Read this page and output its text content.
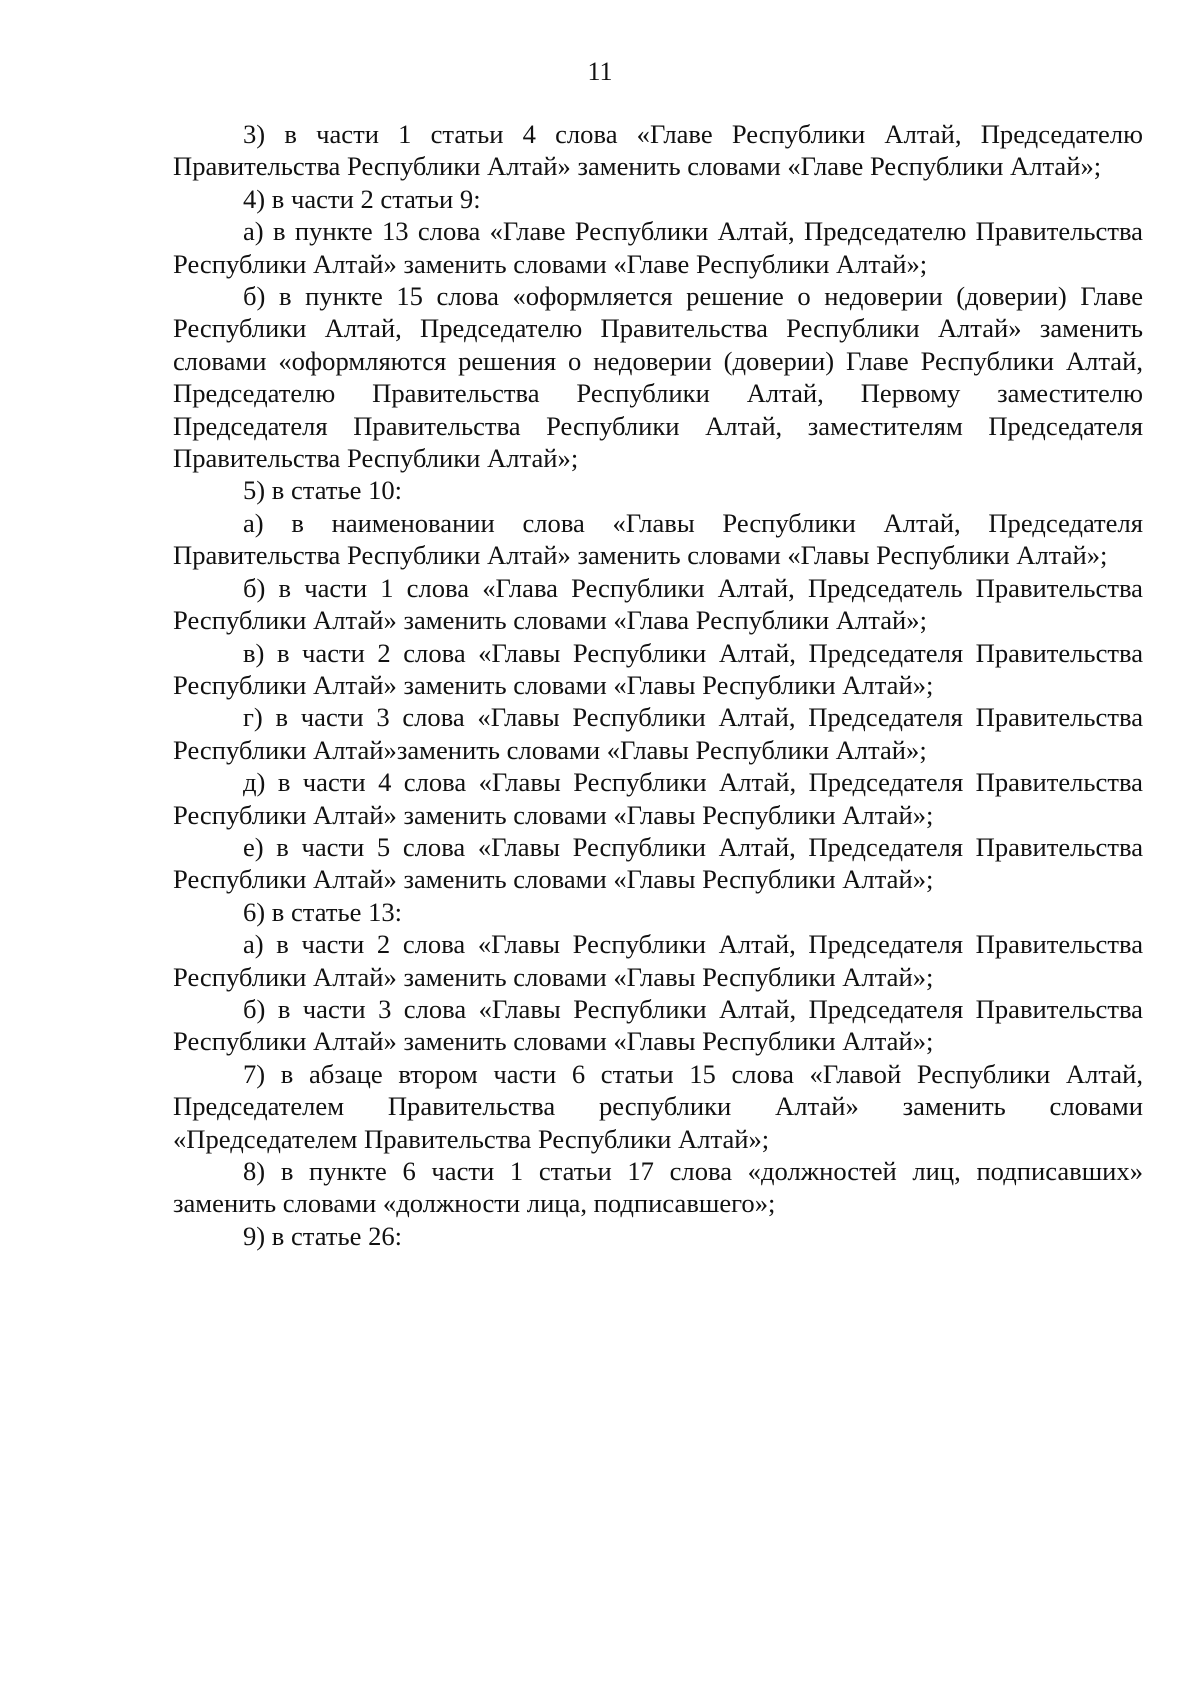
11

3) в части 1 статьи 4 слова «Главе Республики Алтай, Председателю Правительства Республики Алтай» заменить словами «Главе Республики Алтай»;

4) в части 2 статьи 9:

а) в пункте 13 слова «Главе Республики Алтай, Председателю Правительства Республики Алтай» заменить словами «Главе Республики Алтай»;

б) в пункте 15 слова «оформляется решение о недоверии (доверии) Главе Республики Алтай, Председателю Правительства Республики Алтай» заменить словами «оформляются решения о недоверии (доверии) Главе Республики Алтай, Председателю Правительства Республики Алтай, Первому заместителю Председателя Правительства Республики Алтай, заместителям Председателя Правительства Республики Алтай»;

5) в статье 10:

а) в наименовании слова «Главы Республики Алтай, Председателя Правительства Республики Алтай» заменить словами «Главы Республики Алтай»;

б) в части 1 слова «Глава Республики Алтай, Председатель Правительства Республики Алтай» заменить словами «Глава Республики Алтай»;

в) в части 2 слова «Главы Республики Алтай, Председателя Правительства Республики Алтай» заменить словами «Главы Республики Алтай»;

г) в части 3 слова «Главы Республики Алтай, Председателя Правительства Республики Алтай»заменить словами «Главы Республики Алтай»;

д) в части 4 слова «Главы Республики Алтай, Председателя Правительства Республики Алтай» заменить словами «Главы Республики Алтай»;

е) в части 5 слова «Главы Республики Алтай, Председателя Правительства Республики Алтай» заменить словами «Главы Республики Алтай»;

6) в статье 13:

а) в части 2 слова «Главы Республики Алтай, Председателя Правительства Республики Алтай» заменить словами «Главы Республики Алтай»;

б) в части 3 слова «Главы Республики Алтай, Председателя Правительства Республики Алтай» заменить словами «Главы Республики Алтай»;

7) в абзаце втором части 6 статьи 15 слова «Главой Республики Алтай, Председателем Правительства республики Алтай» заменить словами «Председателем Правительства Республики Алтай»;

8) в пункте 6 части 1 статьи 17 слова «должностей лиц, подписавших» заменить словами «должности лица, подписавшего»;

9) в статье 26:
